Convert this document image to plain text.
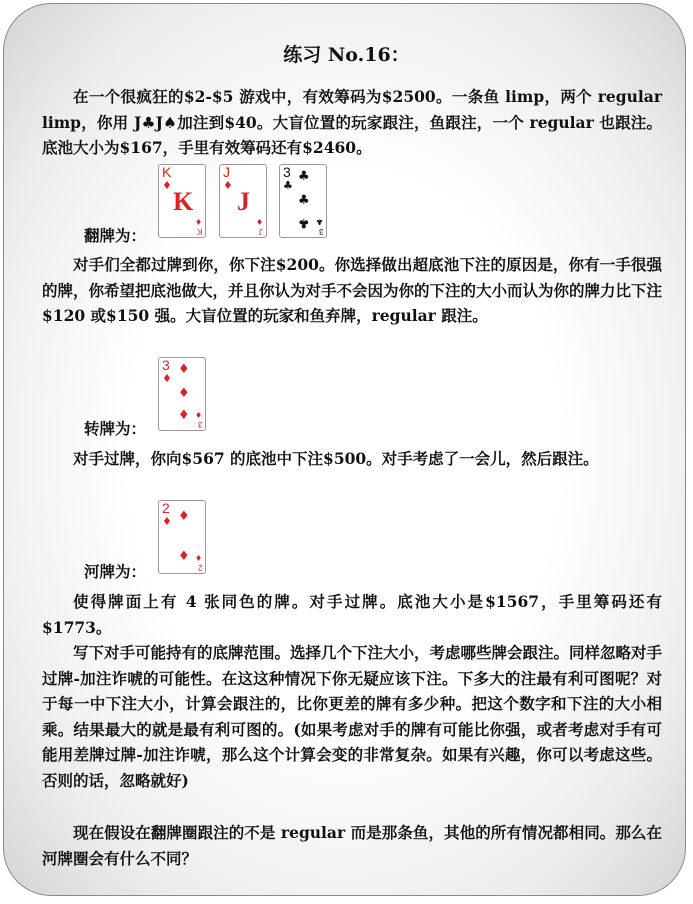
练习 No.16：

在一个很疯狂的$2-$5 游戏中，有效筹码为$2500。一条鱼 limp，两个 regular limp，你用 J♣J♠加注到$40。大盲位置的玩家跟注，鱼跟注，一个 regular 也跟注。底池大小为$167，手里有效筹码还有$2460。

翻牌为：
K
♦
K
♦
K
J
♦
J
♦
J
3
♣
♣
♣
♣ ♣
3

对手们全都过牌到你，你下注$200。你选择做出超底池下注的原因是，你有一手很强的牌，你希望把底池做大，并且你认为对手不会因为你的下注的大小而认为你的牌力比下注$120 或$150 强。大盲位置的玩家和鱼弃牌，regular 跟注。

转牌为：
3
♦
♦
♦
♦ ♦
3

对手过牌，你向$567 的底池中下注$500。对手考虑了一会儿，然后跟注。

河牌为：
2
♦ ♦
♦ ♦
2

使得牌面上有 4 张同色的牌。对手过牌。底池大小是$1567，手里筹码还有$1773。

写下对手可能持有的底牌范围。选择几个下注大小，考虑哪些牌会跟注。同样忽略对手过牌-加注诈唬的可能性。在这这种情况下你无疑应该下注。下多大的注最有利可图呢？对于每一中下注大小，计算会跟注的，比你更差的牌有多少种。把这个数字和下注的大小相乘。结果最大的就是最有利可图的。(如果考虑对手的牌有可能比你强，或者考虑对手有可能用差牌过牌-加注诈唬，那么这个计算会变的非常复杂。如果有兴趣，你可以考虑这些。否则的话，忽略就好)

现在假设在翻牌圈跟注的不是 regular 而是那条鱼，其他的所有情况都相同。那么在河牌圈会有什么不同？
